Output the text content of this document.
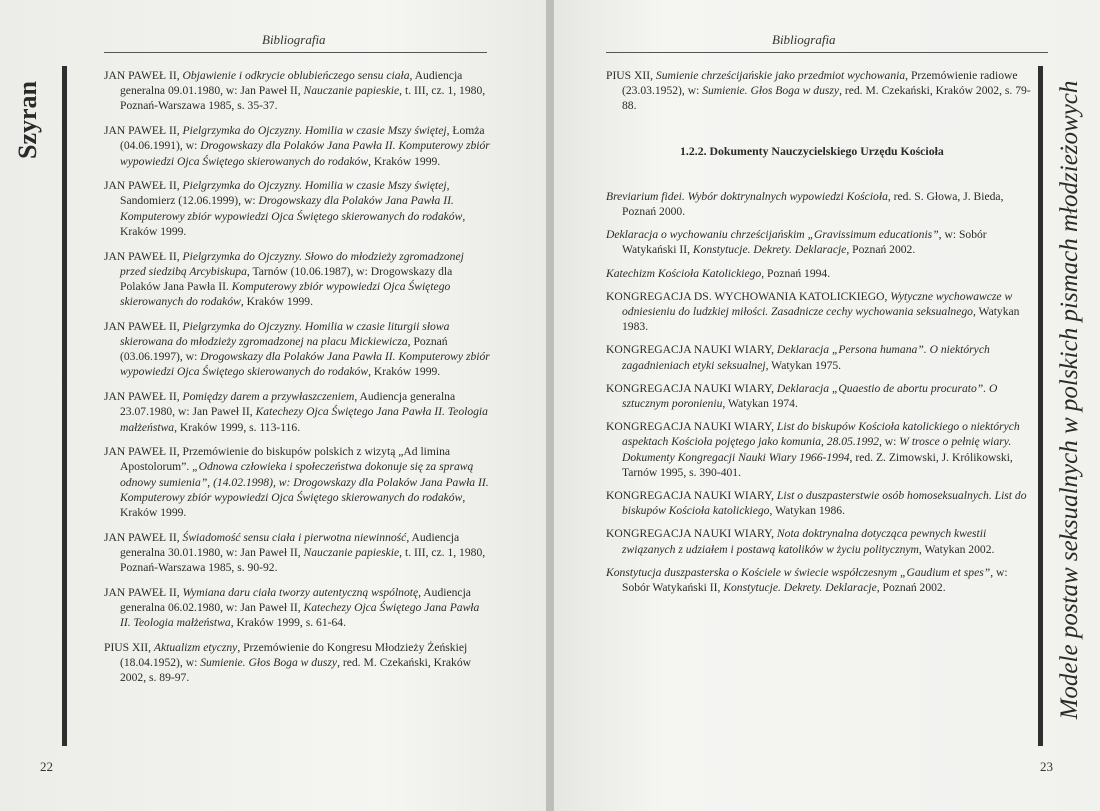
Bibliografia
Szyran
JAN PAWEŁ II, Objawienie i odkrycie oblubieńczego sensu ciała, Audiencja generalna 09.01.1980, w: Jan Paweł II, Nauczanie papieskie, t. III, cz. 1, 1980, Poznań-Warszawa 1985, s. 35-37.
JAN PAWEŁ II, Pielgrzymka do Ojczyzny. Homilia w czasie Mszy świętej, Łomża (04.06.1991), w: Drogowskazy dla Polaków Jana Pawła II. Komputerowy zbiór wypowiedzi Ojca Świętego skierowanych do rodaków, Kraków 1999.
JAN PAWEŁ II, Pielgrzymka do Ojczyzny. Homilia w czasie Mszy świętej, Sandomierz (12.06.1999), w: Drogowskazy dla Polaków Jana Pawła II. Komputerowy zbiór wypowiedzi Ojca Świętego skierowanych do rodaków, Kraków 1999.
JAN PAWEŁ II, Pielgrzymka do Ojczyzny. Słowo do młodzieży zgromadzonej przed siedzibą Arcybiskupa, Tarnów (10.06.1987), w: Drogowskazy dla Polaków Jana Pawła II. Komputerowy zbiór wypowiedzi Ojca Świętego skierowanych do rodaków, Kraków 1999.
JAN PAWEŁ II, Pielgrzymka do Ojczyzny. Homilia w czasie liturgii słowa skierowana do młodzieży zgromadzonej na placu Mickiewicza, Poznań (03.06.1997), w: Drogowskazy dla Polaków Jana Pawła II. Komputerowy zbiór wypowiedzi Ojca Świętego skierowanych do rodaków, Kraków 1999.
JAN PAWEŁ II, Pomiędzy darem a przywłaszczeniem, Audiencja generalna 23.07.1980, w: Jan Paweł II, Katechezy Ojca Świętego Jana Pawła II. Teologia małżeństwa, Kraków 1999, s. 113-116.
JAN PAWEŁ II, Przemówienie do biskupów polskich z wizytą „Ad limina Apostolorum”. „Odnowa człowieka i społeczeństwa dokonuje się za sprawą odnowy sumienia”, (14.02.1998), w: Drogowskazy dla Polaków Jana Pawła II. Komputerowy zbiór wypowiedzi Ojca Świętego skierowanych do rodaków, Kraków 1999.
JAN PAWEŁ II, Świadomość sensu ciała i pierwotna niewinność, Audiencja generalna 30.01.1980, w: Jan Paweł II, Nauczanie papieskie, t. III, cz. 1, 1980, Poznań-Warszawa 1985, s. 90-92.
JAN PAWEŁ II, Wymiana daru ciała tworzy autentyczną wspólnotę, Audiencja generalna 06.02.1980, w: Jan Paweł II, Katechezy Ojca Świętego Jana Pawła II. Teologia małżeństwa, Kraków 1999, s. 61-64.
PIUS XII, Aktualizm etyczny, Przemówienie do Kongresu Młodzieży Żeńskiej (18.04.1952), w: Sumienie. Głos Boga w duszy, red. M. Czekański, Kraków 2002, s. 89-97.
22
Bibliografia
PIUS XII, Sumienie chrześcijańskie jako przedmiot wychowania, Przemówienie radiowe (23.03.1952), w: Sumienie. Głos Boga w duszy, red. M. Czekański, Kraków 2002, s. 79-88.
1.2.2. Dokumenty Nauczycielskiego Urzędu Kościoła
Breviarium fidei. Wybór doktrynalnych wypowiedzi Kościoła, red. S. Głowa, J. Bieda, Poznań 2000.
Deklaracja o wychowaniu chrześcijańskim „Gravissimum educationis”, w: Sobór Watykański II, Konstytucje. Dekrety. Deklaracje, Poznań 2002.
Katechizm Kościoła Katolickiego, Poznań 1994.
KONGREGACJA DS. WYCHOWANIA KATOLICKIEGO, Wytyczne wychowawcze w odniesieniu do ludzkiej miłości. Zasadnicze cechy wychowania seksualnego, Watykan 1983.
KONGREGACJA NAUKI WIARY, Deklaracja „Persona humana”. O niektórych zagadnieniach etyki seksualnej, Watykan 1975.
KONGREGACJA NAUKI WIARY, Deklaracja „Quaestio de abortu procurato”. O sztucznym poronieniu, Watykan 1974.
KONGREGACJA NAUKI WIARY, List do biskupów Kościoła katolickiego o niektórych aspektach Kościoła pojętego jako komunia, 28.05.1992, w: W trosce o pełnię wiary. Dokumenty Kongregacji Nauki Wiary 1966-1994, red. Z. Zimowski, J. Królikowski, Tarnów 1995, s. 390-401.
KONGREGACJA NAUKI WIARY, List o duszpasterstwie osób homoseksualnych. List do biskupów Kościoła katolickiego, Watykan 1986.
KONGREGACJA NAUKI WIARY, Nota doktrynalna dotycząca pewnych kwestii związanych z udziałem i postawą katolików w życiu politycznym, Watykan 2002.
Konstytucja duszpasterska o Kościele w świecie współczesnym „Gaudium et spes”, w: Sobór Watykański II, Konstytucje. Dekrety. Deklaracje, Poznań 2002.	Modele postaw seksualnych w polskich pismach młodzieżowych
23
